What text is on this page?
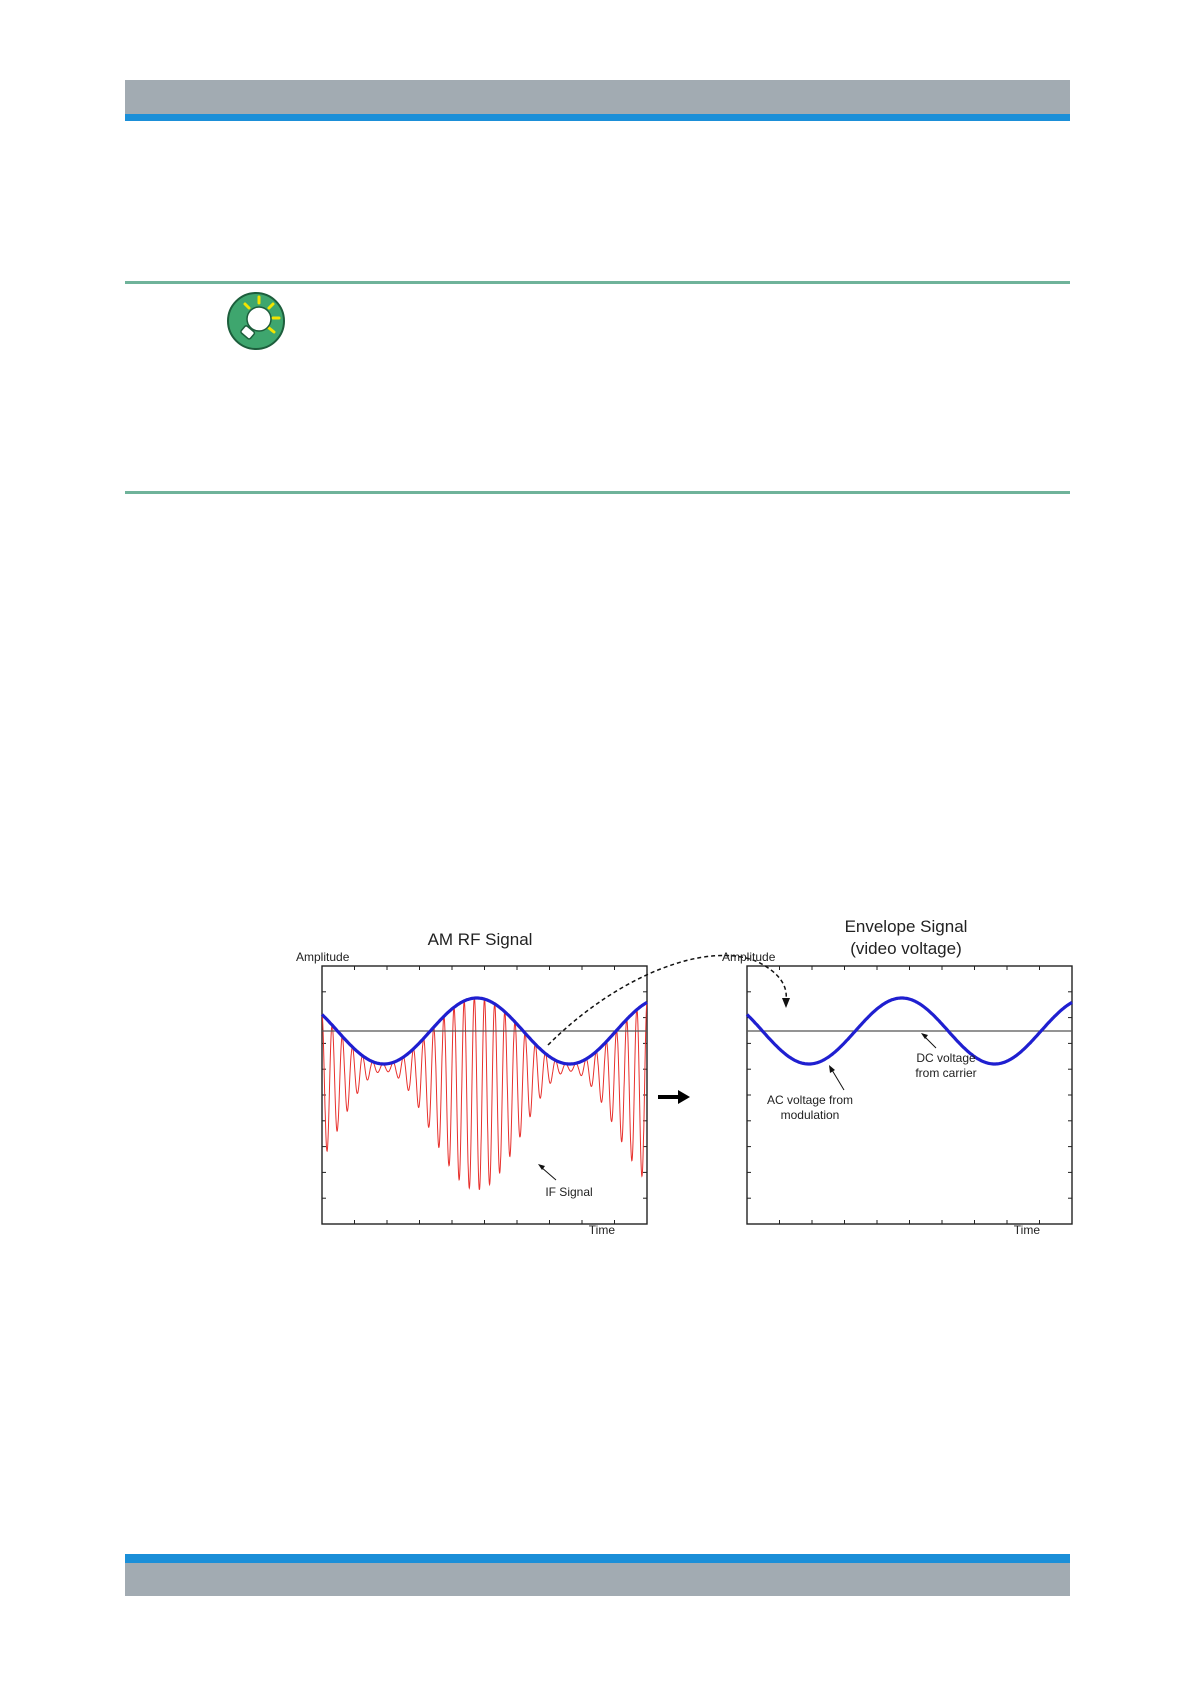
AM RF Signal
Amplitude
Time
IF Signal
Envelope Signal
(video voltage)
Amplitude
Time
DC voltage
from carrier
AC voltage from
modulation
